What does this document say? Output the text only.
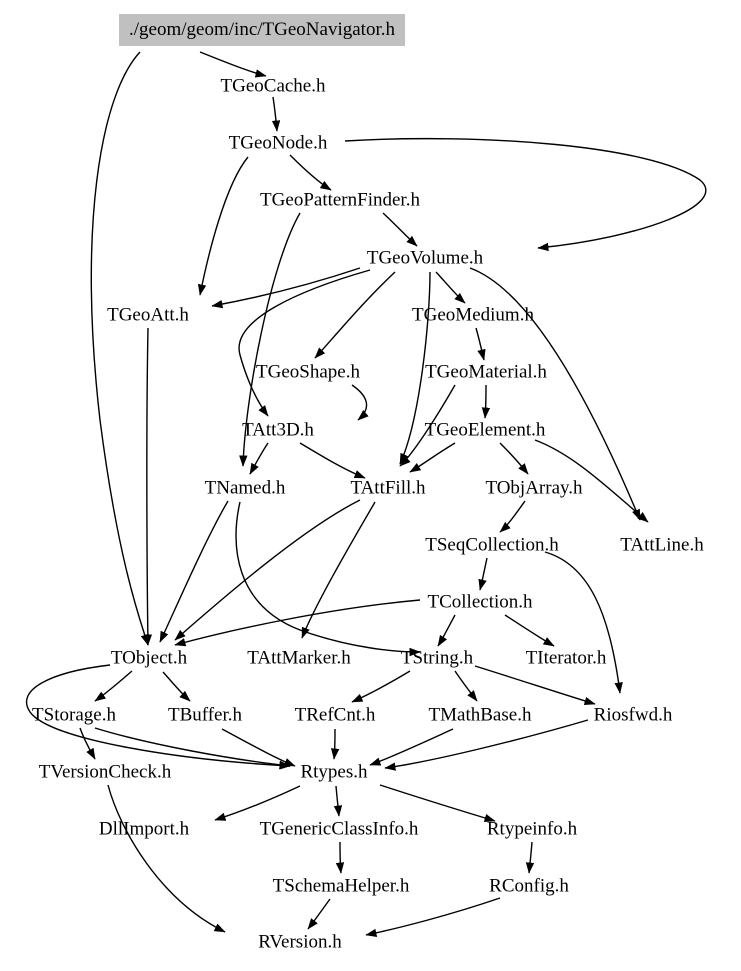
./geom/geom/inc/TGeoNavigator.h
TGeoCache.h
TGeoNode.h
TGeoPatternFinder.h
TGeoVolume.h
TGeoAtt.h	TGeoMedium.h
TGeoShape.h	TGeoMaterial.h
TAtt3D.h	TGeoElement.h
TNamed.h	TAttFill.h	TObjArray.h
TSeqCollection.h	TAttLine.h
TCollection.h
TObject.h	TAttMarker.h	TString.h	TIterator.h
TStorage.h	TBuffer.h	TRefCnt.h	TMathBase.h	Riosfwd.h
TVersionCheck.h	Rtypes.h
DllImport.h	TGenericClassInfo.h	Rtypeinfo.h
TSchemaHelper.h	RConfig.h
RVersion.h
